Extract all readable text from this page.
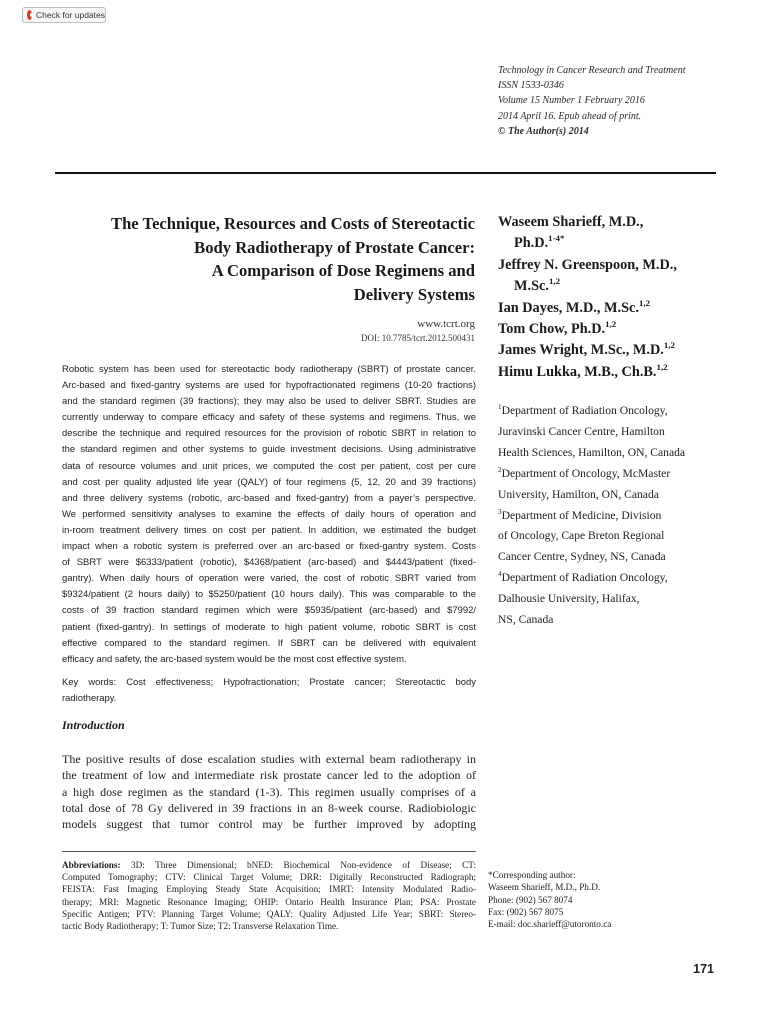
Check for updates
Technology in Cancer Research and Treatment
ISSN 1533-0346
Volume 15 Number 1 February 2016
2014 April 16. Epub ahead of print.
© The Author(s) 2014
The Technique, Resources and Costs of Stereotactic
Body Radiotherapy of Prostate Cancer:
A Comparison of Dose Regimens and
Delivery Systems
www.tcrt.org
DOI: 10.7785/tcrt.2012.500431
Robotic system has been used for stereotactic body radiotherapy (SBRT) of prostate cancer.
Arc-based and fixed-gantry systems are used for hypofractionated regimens (10-20 fractions)
and the standard regimen (39 fractions); they may also be used to deliver SBRT. Studies are
currently underway to compare efficacy and safety of these systems and regimens. Thus, we
describe the technique and required resources for the provision of robotic SBRT in relation to
the standard regimen and other systems to guide investment decisions. Using administrative
data of resource volumes and unit prices, we computed the cost per patient, cost per cure
and cost per quality adjusted life year (QALY) of four regimens (5, 12, 20 and 39 fractions)
and three delivery systems (robotic, arc-based and fixed-gantry) from a payer’s perspective.
We performed sensitivity analyses to examine the effects of daily hours of operation and
in-room treatment delivery times on cost per patient. In addition, we estimated the budget
impact when a robotic system is preferred over an arc-based or fixed-gantry system. Costs
of SBRT were $6333/patient (robotic), $4368/patient (arc-based) and $4443/patient (fixed-
gantry). When daily hours of operation were varied, the cost of robotic SBRT varied from
$9324/patient (2 hours daily) to $5250/patient (10 hours daily). This was comparable to the
costs of 39 fraction standard regimen which were $5935/patient (arc-based) and $7992/
patient (fixed-gantry). In settings of moderate to high patient volume, robotic SBRT is cost
effective compared to the standard regimen. If SBRT can be delivered with equivalent
efficacy and safety, the arc-based system would be the most cost effective system.
Key words: Cost effectiveness; Hypofractionation; Prostate cancer; Stereotactic body
radiotherapy.
Introduction
The positive results of dose escalation studies with external beam radiotherapy in
the treatment of low and intermediate risk prostate cancer led to the adoption of
a high dose regimen as the standard (1-3). This regimen usually comprises of a
total dose of 78 Gy delivered in 39 fractions in an 8-week course. Radiobiologic
models suggest that tumor control may be further improved by adopting
Abbreviations: 3D: Three Dimensional; bNED: Biochemical Non-evidence of Disease; CT:
Computed Tomography; CTV: Clinical Target Volume; DRR: Digitally Reconstructed Radiograph;
FEISTA: Fast Imaging Employing Steady State Acquisition; IMRT: Intensity Modulated Radio-
therapy; MRI: Magnetic Resonance Imaging; OHIP: Ontario Health Insurance Plan; PSA: Prostate
Specific Antigen; PTV: Planning Target Volume; QALY: Quality Adjusted Life Year; SBRT: Stereo-
tactic Body Radiotherapy; T: Tumor Size; T2: Transverse Relaxation Time.
Waseem Sharieff, M.D.,
Ph.D.$^{1-4*}$
Jeffrey N. Greenspoon, M.D.,
M.Sc.$^{1,2}$
Ian Dayes, M.D., M.Sc.$^{1,2}$
Tom Chow, Ph.D.$^{1,2}$
James Wright, M.Sc., M.D.$^{1,2}$
Himu Lukka, M.B., Ch.B.$^{1,2}$
$^1$Department of Radiation Oncology,
Juravinski Cancer Centre, Hamilton
Health Sciences, Hamilton, ON, Canada
$^2$Department of Oncology, McMaster
University, Hamilton, ON, Canada
$^3$Department of Medicine, Division
of Oncology, Cape Breton Regional
Cancer Centre, Sydney, NS, Canada
$^4$Department of Radiation Oncology,
Dalhousie University, Halifax,
NS, Canada
*Corresponding author:
Waseem Sharieff, M.D., Ph.D.
Phone: (902) 567 8074
Fax: (902) 567 8075
E-mail: doc.sharieff@utoronto.ca
171
